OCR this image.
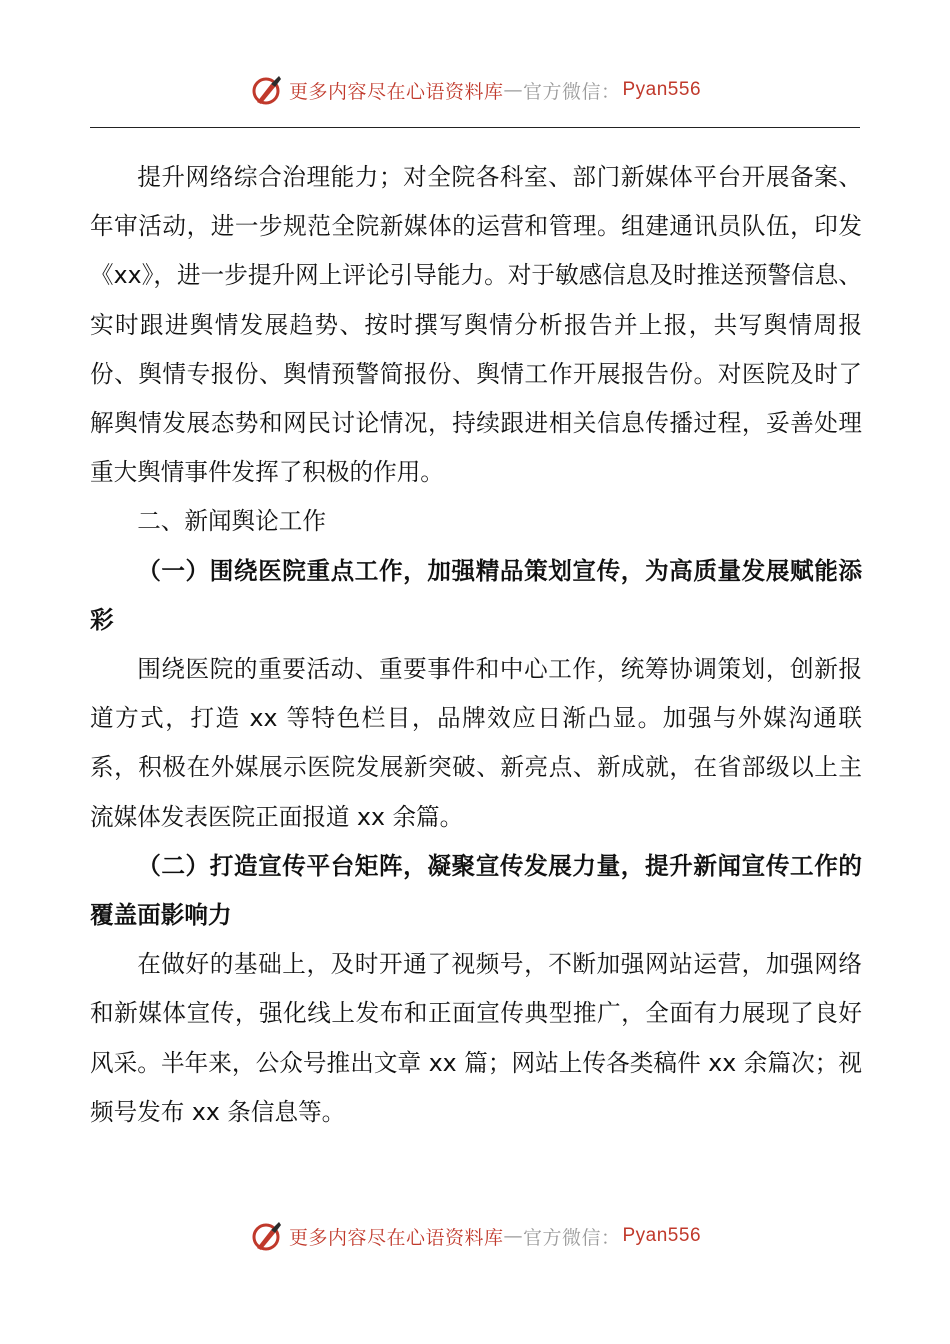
更多内容尽在心语资料库 — 官方微信： Pyan556

提升网络综合治理能力；对全院各科室、部门新媒体平台开展备案、年审活动，进一步规范全院新媒体的运营和管理。组建通讯员队伍，印发《xx》，进一步提升网上评论引导能力。对于敏感信息及时推送预警信息、实时跟进舆情发展趋势、按时撰写舆情分析报告并上报，共写舆情周报份、舆情专报份、舆情预警简报份、舆情工作开展报告份。对医院及时了解舆情发展态势和网民讨论情况，持续跟进相关信息传播过程，妥善处理重大舆情事件发挥了积极的作用。

二、新闻舆论工作

（一）围绕医院重点工作，加强精品策划宣传，为高质量发展赋能添彩

围绕医院的重要活动、重要事件和中心工作，统筹协调策划，创新报道方式，打造 xx 等特色栏目，品牌效应日渐凸显。加强与外媒沟通联系，积极在外媒展示医院发展新突破、新亮点、新成就，在省部级以上主流媒体发表医院正面报道 xx 余篇。

（二）打造宣传平台矩阵，凝聚宣传发展力量，提升新闻宣传工作的覆盖面影响力

在做好的基础上，及时开通了视频号，不断加强网站运营，加强网络和新媒体宣传，强化线上发布和正面宣传典型推广，全面有力展现了良好风采。半年来，公众号推出文章 xx 篇；网站上传各类稿件 xx 余篇次；视频号发布 xx 条信息等。

更多内容尽在心语资料库 — 官方微信： Pyan556
